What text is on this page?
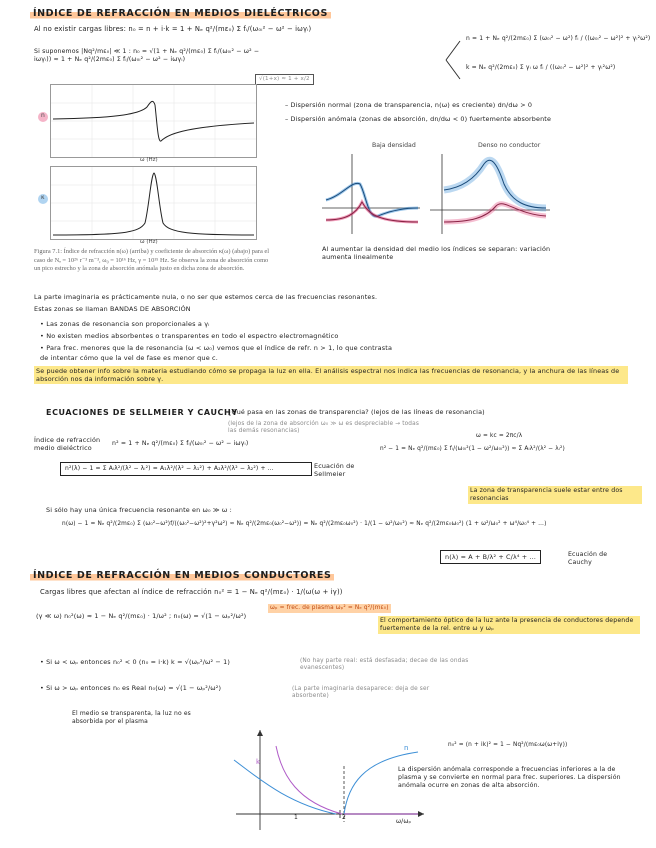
ÍNDICE DE REFRACCIÓN EN MEDIOS DIELÉCTRICOS
Al no existir cargas libres: n₀ = n + i·k = 1 + Nₑ q²/(mε₀) Σ fᵢ/(ω₀ᵢ² − ω² − iωγᵢ)
Si suponemos |Nq²/mε₀| ≪ 1 : n₀ = √(1 + Nₑ q²/(mε₀) Σ fᵢ/(ω₀ᵢ² − ω² − iωγᵢ)) ≈ 1 + Nₑ q²/(2mε₀) Σ fᵢ/(ω₀ᵢ² − ω² − iωγᵢ)
√(1+x) ≈ 1 + x/2
n = 1 + Nₑ q²/(2mε₀) Σ (ω₀ᵢ² − ω²) fᵢ / ((ω₀ᵢ² − ω²)² + γᵢ²ω²)
k = Nₑ q²/(2mε₀) Σ γᵢ ω fᵢ / ((ω₀ᵢ² − ω²)² + γᵢ²ω²)
– Dispersión normal (zona de transparencia, n(ω) es creciente) dn/dω > 0
– Dispersión anómala (zonas de absorción, dn/dω < 0) fuertemente absorbente
n
ω (Hz)
κ
ω (Hz)
Figura 7.1: Índice de refracción n(ω) (arriba) y coeficiente de absorción κ(ω) (abajo) para el caso de Nₑ = 10²⁶ r⁻³ m⁻³, ω₀ = 10¹⁶ Hz, γ = 10¹⁵ Hz. Se observa la zona de absorción como un pico estrecho y la zona de absorción anómala justo en dicha zona de absorción.
Baja densidad	Denso no conductor
Al aumentar la densidad del medio los índices se separan: variación aumenta linealmente
La parte imaginaria es prácticamente nula, o no ser que estemos cerca de las frecuencias resonantes.
Estas zonas se llaman BANDAS DE ABSORCIÓN
• Las zonas de resonancia son proporcionales a γᵢ
• No existen medios absorbentes o transparentes en todo el espectro electromagnético
• Para frec. menores que la de resonancia (ω < ω₀) vemos que el índice de refr. n > 1, lo que contrasta
de intentar cómo que la vel de fase es menor que c.
Se puede obtener info sobre la materia estudiando cómo se propaga la luz en ella. El análisis espectral nos indica las frecuencias de resonancia, y la anchura de las líneas de absorción nos da información sobre γ.
ECUACIONES DE SELLMEIER Y CAUCHY
¿Qué pasa en las zonas de transparencia? (lejos de las líneas de resonancia)
(lejos de la zona de absorción ω₀ ≫ ω es despreciable → todas las demás resonancias)
Índice de refracción medio dieléctrico
n² = 1 + Nₑ q²/(mε₀) Σ fᵢ/(ω₀ᵢ² − ω² − iωγᵢ)
n²(λ) − 1 = Σ Aᵢλ²/(λ² − λᵢ²) = A₁λ²/(λ² − λ₁²) + A₂λ²/(λ² − λ₂²) + …	Ecuación de Sellmeier
ω = kc = 2πc/λ
n² − 1 = Nₑ q²/(mε₀) Σ fᵢ/(ω₀ᵢ²(1 − ω²/ω₀ᵢ²)) ≈ Σ Aᵢλ²/(λ² − λᵢ²)
La zona de transparencia suele estar entre dos resonancias
Si sólo hay una única frecuencia resonante en ω₀ ≫ ω :
n(ω) − 1 = Nₑ q²/(2mε₀) Σ (ω₀²−ω²)f/((ω₀²−ω²)²+γ²ω²) ≈ Nₑ q²/(2mε₀(ω₀²−ω²)) = Nₑ q²/(2mε₀ω₀²) · 1/(1 − ω²/ω₀²) ≈ Nₑ q²/(2mε₀ω₀²) (1 + ω²/ω₀² + ω⁴/ω₀⁴ + …)
n(λ) = A + B/λ² + C/λ⁴ + …	Ecuación de Cauchy
ÍNDICE DE REFRACCIÓN EN MEDIOS CONDUCTORES
Cargas libres que afectan al índice de refracción n₀² = 1 − Nₑ q²/(mε₀) · 1/(ω(ω + iγ))
(γ ≪ ω) n₀²(ω) ≈ 1 − Nₑ q²/(mε₀) · 1/ω² ; n₀(ω) = √(1 − ωₚ²/ω²)
ωₚ = frec. de plasma ωₚ² = Nₑ q²/(mε₀)
El comportamiento óptico de la luz ante la presencia de conductores depende fuertemente de la rel. entre ω y ωₚ
• Si ω < ωₚ entonces n₀² < 0 (n₀ = i·k) k = √(ωₚ²/ω² − 1)	(No hay parte real: está desfasada; decae de las ondas evanescentes)
• Si ω > ωₚ entonces n₀ es Real n₀(ω) = √(1 − ωₚ²/ω²)	(La parte imaginaria desaparece: deja de ser absorbente)
El medio se transparenta, la luz no es absorbida por el plasma
k
n
1	2
ω/ωₚ
n₀² = (n + ik)² = 1 − Nq²/(mε₀ω(ω+iγ))
La dispersión anómala corresponde a frecuencias inferiores a la de plasma y se convierte en normal para frec. superiores. La dispersión anómala ocurre en zonas de alta absorción.
